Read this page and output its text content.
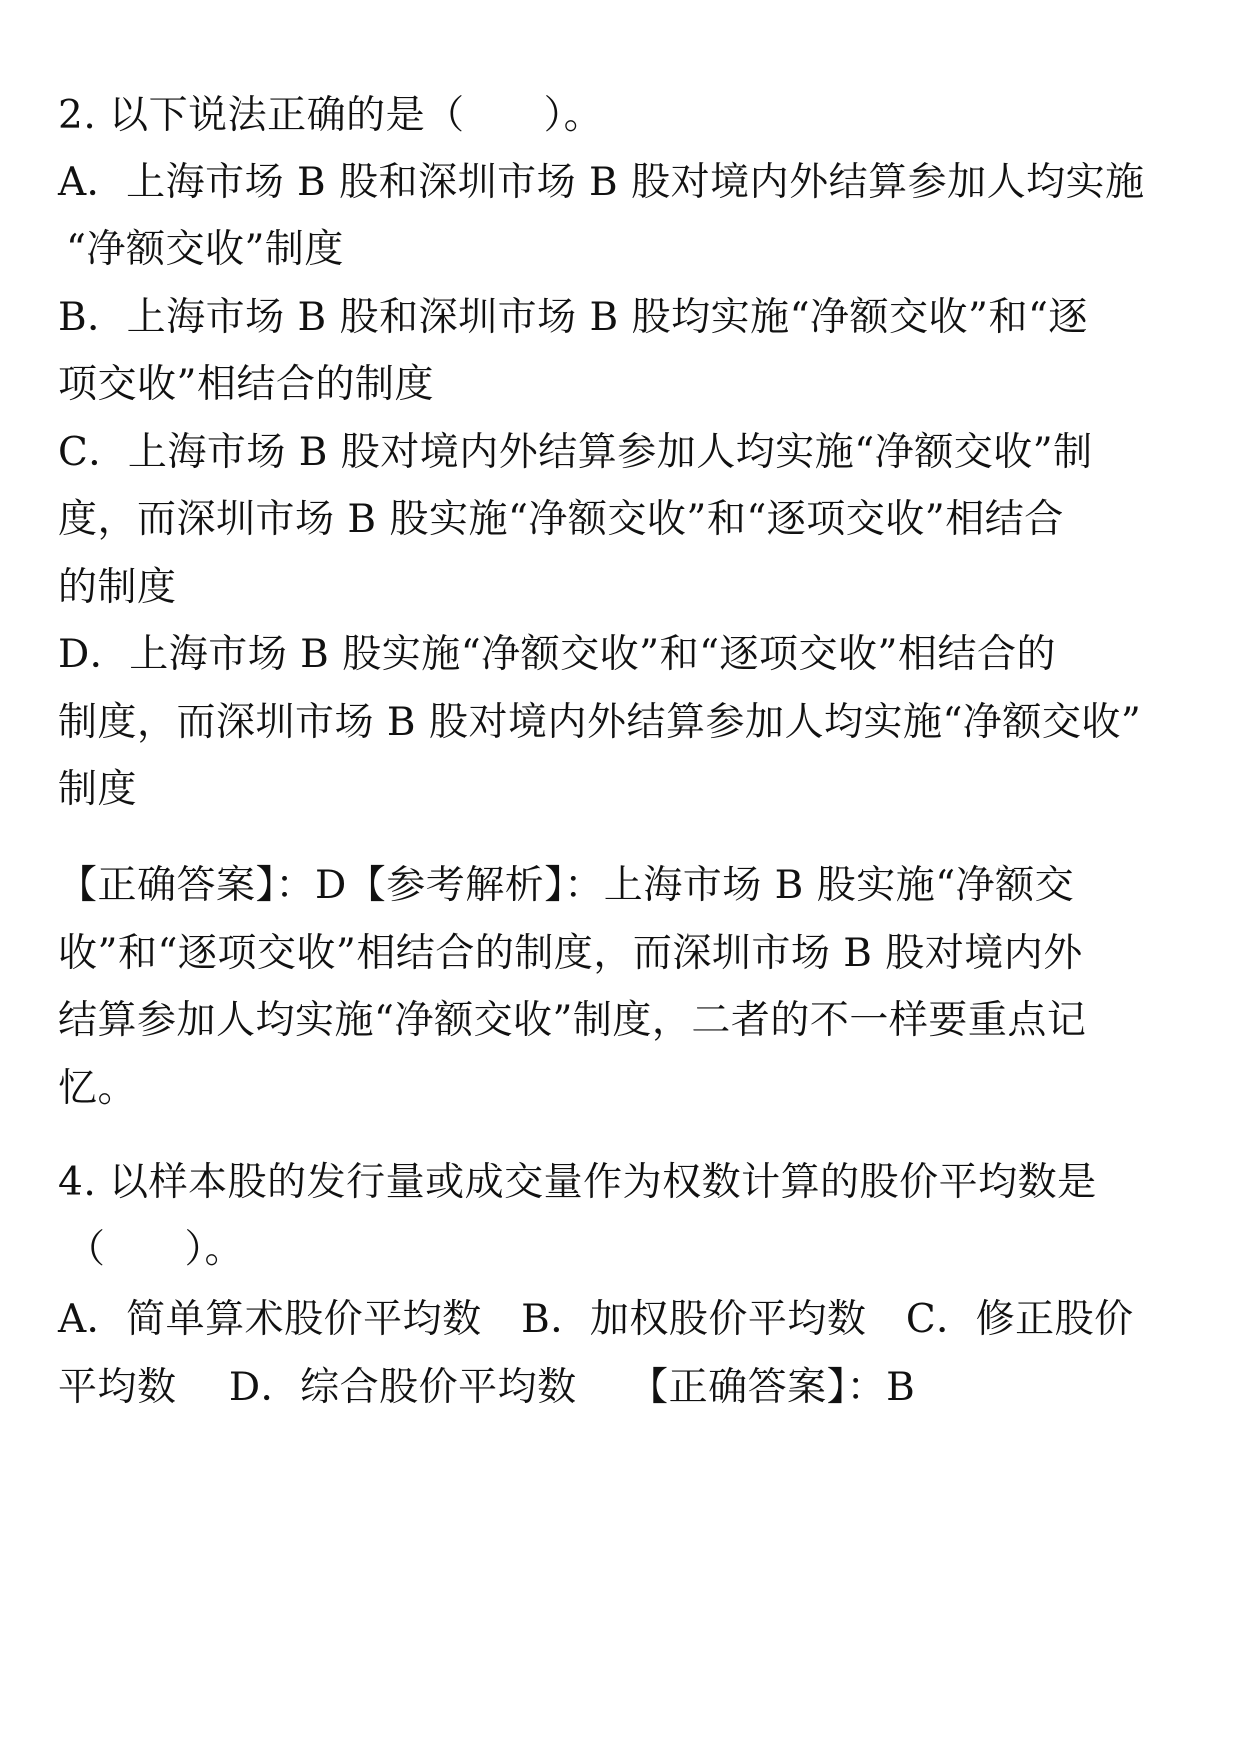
2. 以下说法正确的是（　　）。
A．上海市场 B 股和深圳市场 B 股对境内外结算参加人均实施
“净额交收”制度
B．上海市场 B 股和深圳市场 B 股均实施“净额交收”和“逐
项交收”相结合的制度
C．上海市场 B 股对境内外结算参加人均实施“净额交收”制
度，而深圳市场 B 股实施“净额交收”和“逐项交收”相结合
的制度
D．上海市场 B 股实施“净额交收”和“逐项交收”相结合的
制度，而深圳市场 B 股对境内外结算参加人均实施“净额交收”
制度
【正确答案】：D【参考解析】：上海市场 B 股实施“净额交
收”和“逐项交收”相结合的制度，而深圳市场 B 股对境内外
结算参加人均实施“净额交收”制度，二者的不一样要重点记
忆。
4. 以样本股的发行量或成交量作为权数计算的股价平均数是
（　　）。
A．简单算术股价平均数　B．加权股价平均数　C．修正股价
平均数　 D．综合股价平均数　 【正确答案】：B
